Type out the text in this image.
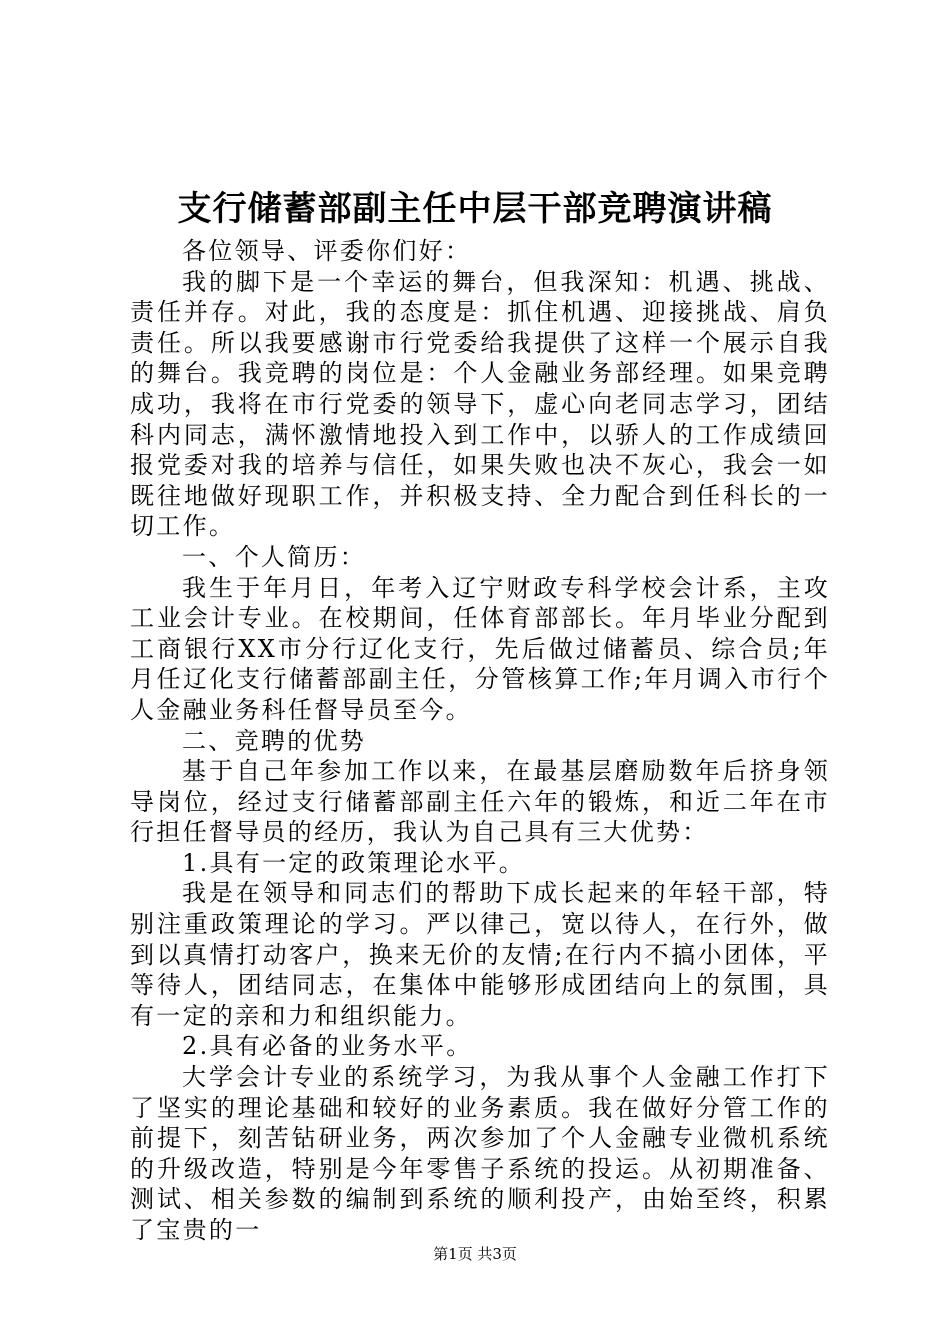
支行储蓄部副主任中层干部竞聘演讲稿

各位领导、评委你们好：

我的脚下是一个幸运的舞台，但我深知：机遇、挑战、责任并存。对此，我的态度是：抓住机遇、迎接挑战、肩负责任。所以我要感谢市行党委给我提供了这样一个展示自我的舞台。我竞聘的岗位是：个人金融业务部经理。如果竞聘成功，我将在市行党委的领导下，虚心向老同志学习，团结科内同志，满怀激情地投入到工作中，以骄人的工作成绩回报党委对我的培养与信任，如果失败也决不灰心，我会一如既往地做好现职工作，并积极支持、全力配合到任科长的一切工作。

一、个人简历：

我生于年月日，年考入辽宁财政专科学校会计系，主攻工业会计专业。在校期间，任体育部部长。年月毕业分配到工商银行XX市分行辽化支行，先后做过储蓄员、综合员;年月任辽化支行储蓄部副主任，分管核算工作;年月调入市行个人金融业务科任督导员至今。

二、竞聘的优势

基于自己年参加工作以来，在最基层磨励数年后挤身领导岗位，经过支行储蓄部副主任六年的锻炼，和近二年在市行担任督导员的经历，我认为自己具有三大优势：

1.具有一定的政策理论水平。

我是在领导和同志们的帮助下成长起来的年轻干部，特别注重政策理论的学习。严以律己，宽以待人，在行外，做到以真情打动客户，换来无价的友情;在行内不搞小团体，平等待人，团结同志，在集体中能够形成团结向上的氛围，具有一定的亲和力和组织能力。

2.具有必备的业务水平。

大学会计专业的系统学习，为我从事个人金融工作打下了坚实的理论基础和较好的业务素质。我在做好分管工作的前提下，刻苦钻研业务，两次参加了个人金融专业微机系统的升级改造，特别是今年零售子系统的投运。从初期准备、测试、相关参数的编制到系统的顺利投产，由始至终，积累了宝贵的一

第1页 共3页
